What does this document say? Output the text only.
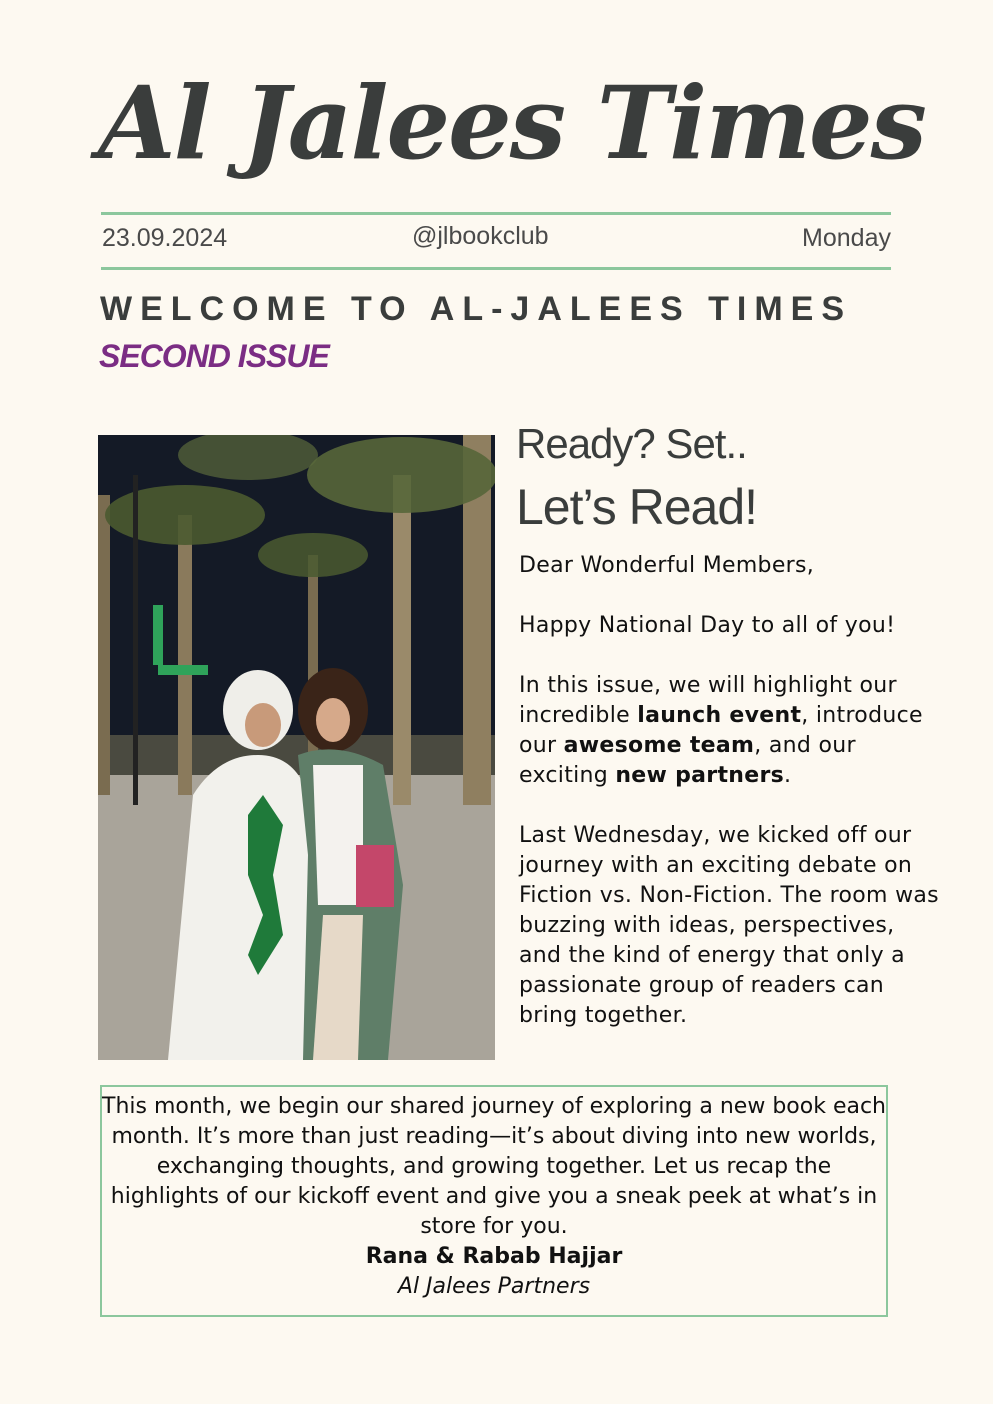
Al Jalees Times
23.09.2024	@jlbookclub	Monday
WELCOME TO AL-JALEES TIMES
SECOND ISSUE
Ready? Set..
Let’s Read!

Dear Wonderful Members,

Happy National Day to all of you!

In this issue, we will highlight our incredible launch event, introduce our awesome team, and our exciting new partners.

Last Wednesday, we kicked off our journey with an exciting debate on Fiction vs. Non-Fiction. The room was buzzing with ideas, perspectives, and the kind of energy that only a passionate group of readers can bring together.

This month, we begin our shared journey of exploring a new book each month. It’s more than just reading—it’s about diving into new worlds, exchanging thoughts, and growing together. Let us recap the highlights of our kickoff event and give you a sneak peek at what’s in store for you.
Rana & Rabab Hajjar
Al Jalees Partners
